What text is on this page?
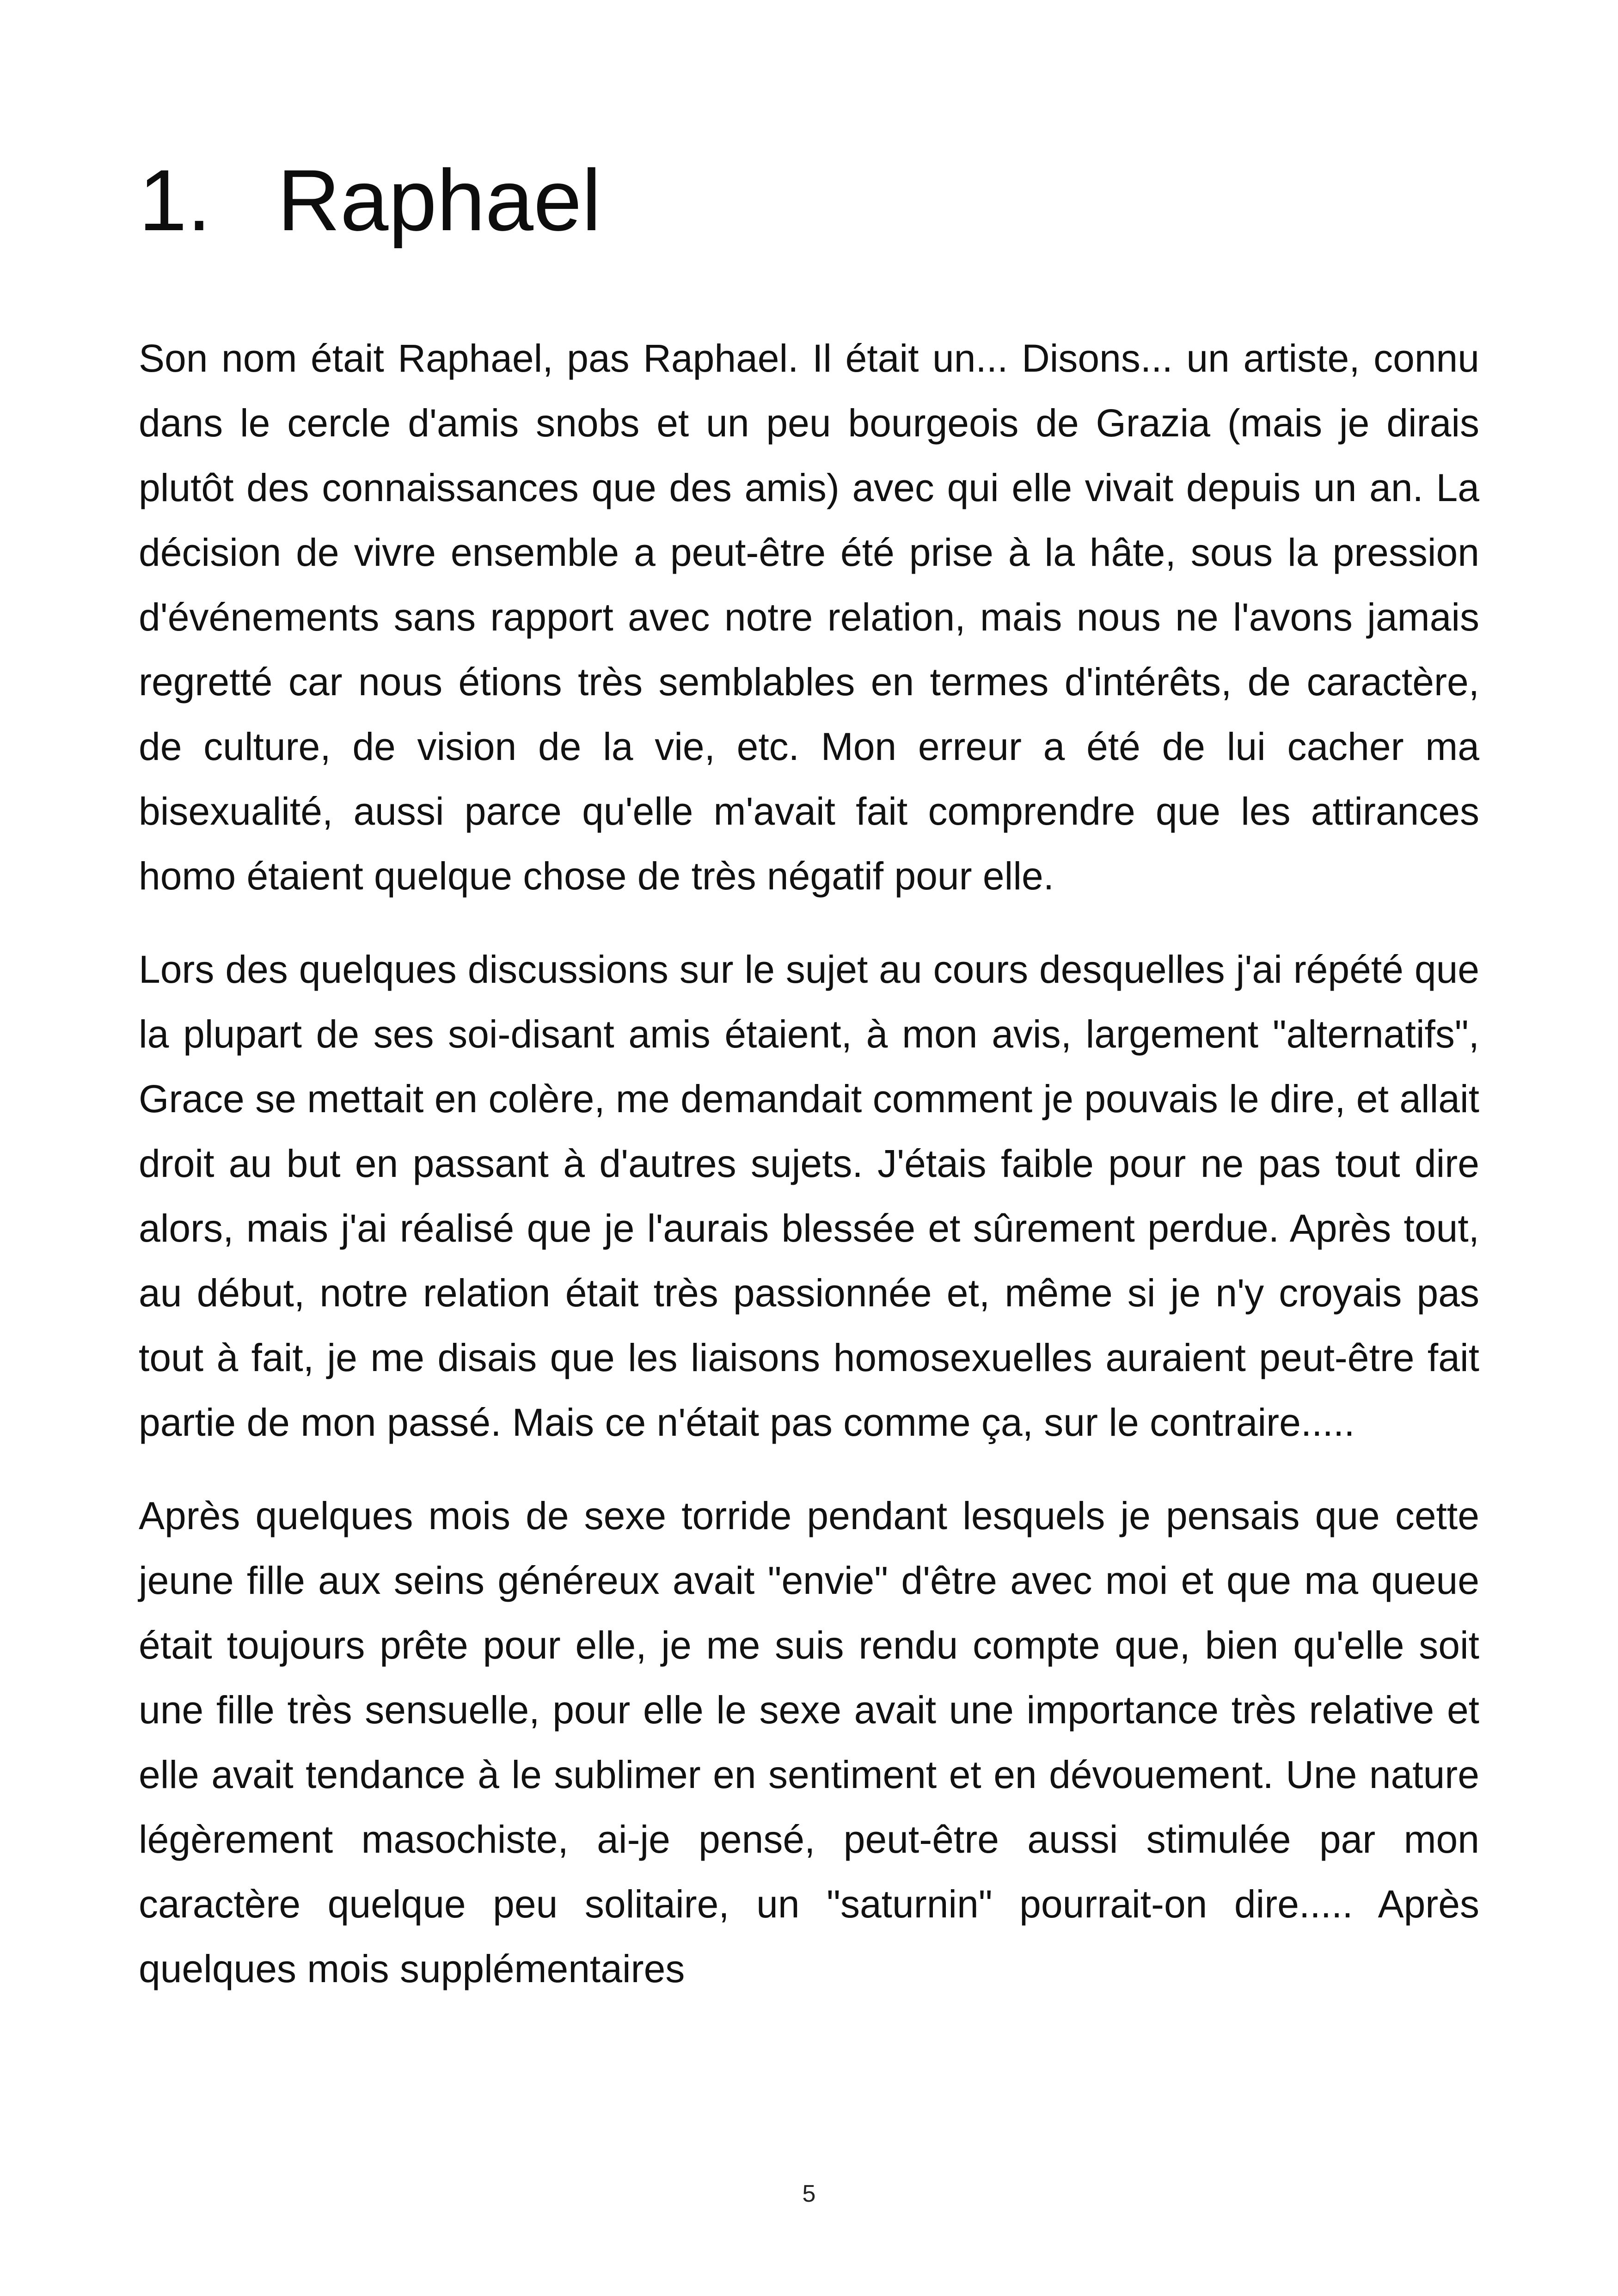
1. Raphael

Son nom était Raphael, pas Raphael. Il était un... Disons... un artiste, connu dans le cercle d'amis snobs et un peu bourgeois de Grazia (mais je dirais plutôt des connaissances que des amis) avec qui elle vivait depuis un an. La décision de vivre ensemble a peut-être été prise à la hâte, sous la pression d'événements sans rapport avec notre relation, mais nous ne l'avons jamais regretté car nous étions très semblables en termes d'intérêts, de caractère, de culture, de vision de la vie, etc. Mon erreur a été de lui cacher ma bisexualité, aussi parce qu'elle m'avait fait comprendre que les attirances homo étaient quelque chose de très négatif pour elle.

Lors des quelques discussions sur le sujet au cours desquelles j'ai répété que la plupart de ses soi-disant amis étaient, à mon avis, largement "alternatifs", Grace se mettait en colère, me demandait comment je pouvais le dire, et allait droit au but en passant à d'autres sujets. J'étais faible pour ne pas tout dire alors, mais j'ai réalisé que je l'aurais blessée et sûrement perdue. Après tout, au début, notre relation était très passionnée et, même si je n'y croyais pas tout à fait, je me disais que les liaisons homosexuelles auraient peut-être fait partie de mon passé. Mais ce n'était pas comme ça, sur le contraire.....

Après quelques mois de sexe torride pendant lesquels je pensais que cette jeune fille aux seins généreux avait "envie" d'être avec moi et que ma queue était toujours prête pour elle, je me suis rendu compte que, bien qu'elle soit une fille très sensuelle, pour elle le sexe avait une importance très relative et elle avait tendance à le sublimer en sentiment et en dévouement. Une nature légèrement masochiste, ai-je pensé, peut-être aussi stimulée par mon caractère quelque peu solitaire, un "saturnin" pourrait-on dire..... Après quelques mois supplémentaires

5
